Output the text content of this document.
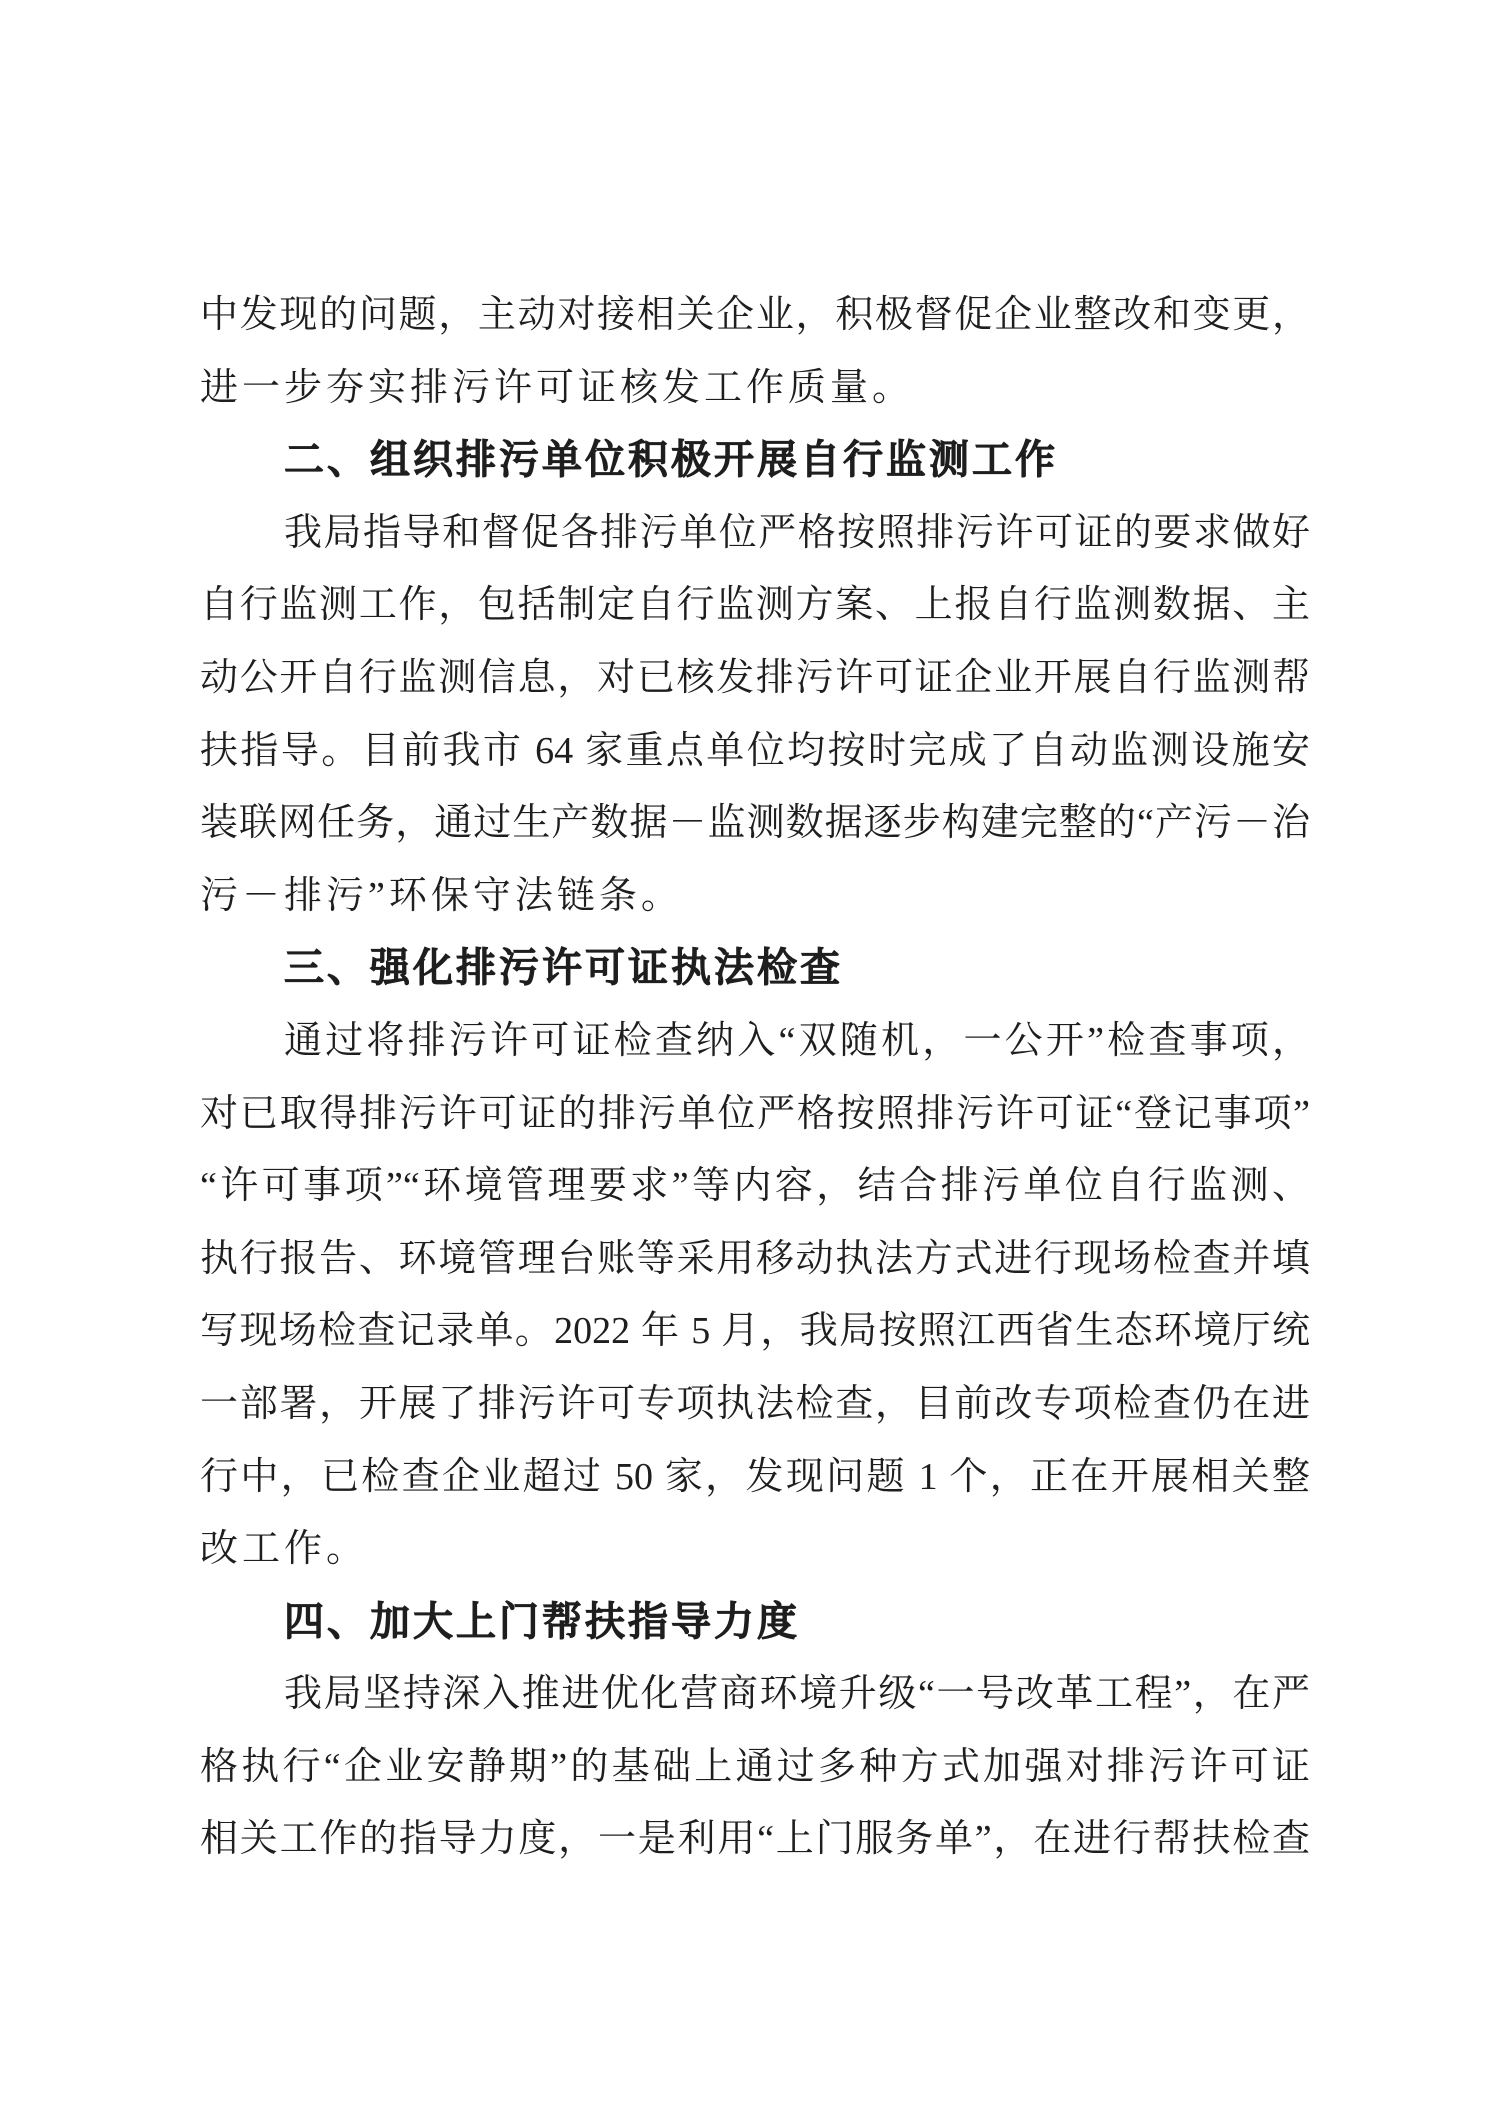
中发现的问题，主动对接相关企业，积极督促企业整改和变更，
进一步夯实排污许可证核发工作质量。
二、组织排污单位积极开展自行监测工作
我局指导和督促各排污单位严格按照排污许可证的要求做好
自行监测工作，包括制定自行监测方案、上报自行监测数据、主
动公开自行监测信息，对已核发排污许可证企业开展自行监测帮
扶指导。目前我市 64 家重点单位均按时完成了自动监测设施安
装联网任务，通过生产数据－监测数据逐步构建完整的“产污－治
污－排污”环保守法链条。
三、强化排污许可证执法检查
通过将排污许可证检查纳入“双随机，一公开”检查事项，
对已取得排污许可证的排污单位严格按照排污许可证“登记事项”
“许可事项”“环境管理要求”等内容，结合排污单位自行监测、
执行报告、环境管理台账等采用移动执法方式进行现场检查并填
写现场检查记录单。2022 年 5 月，我局按照江西省生态环境厅统
一部署，开展了排污许可专项执法检查，目前改专项检查仍在进
行中，已检查企业超过 50 家，发现问题 1 个，正在开展相关整
改工作。
四、加大上门帮扶指导力度
我局坚持深入推进优化营商环境升级“一号改革工程”，在严
格执行“企业安静期”的基础上通过多种方式加强对排污许可证
相关工作的指导力度，一是利用“上门服务单”，在进行帮扶检查
